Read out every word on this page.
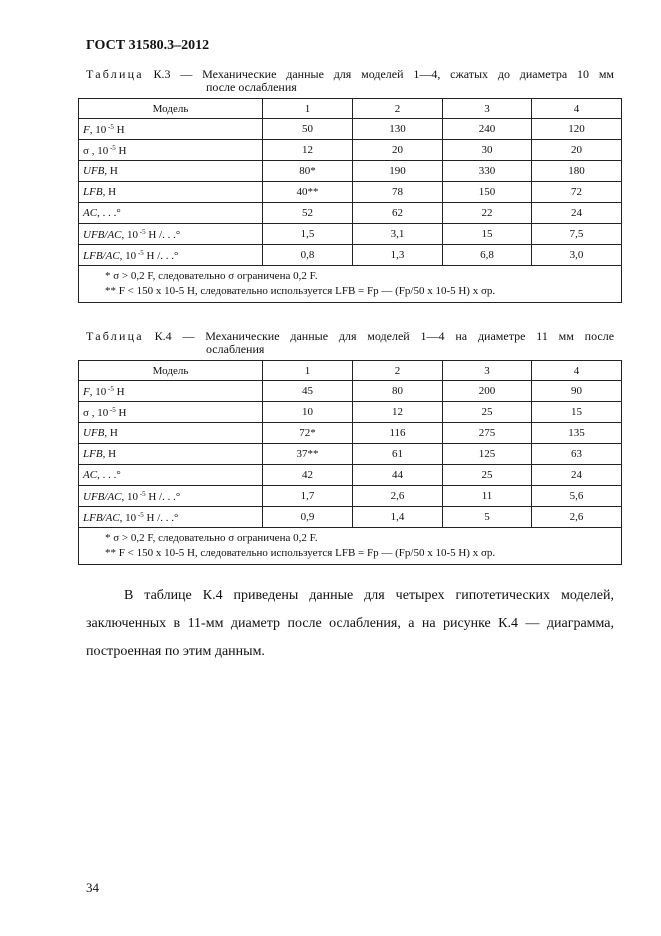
ГОСТ 31580.3–2012
Таблица К.3 — Механические данные для моделей 1—4, сжатых до диаметра 10 мм
после ослабления
Модель	1	2	3	4
F, 10 $^{-5}$ Н	50	130	240	120
σ , 10 $^{-5}$ Н	12	20	30	20
UFB, Н	80*	190	330	180
LFB, Н	40**	78	150	72
AC, . . .°	52	62	22	24
UFB/AC, 10 $^{-5}$ Н /. . .°	1,5	3,1	15	7,5
LFB/AC, 10 $^{-5}$ Н /. . .°	0,8	1,3	6,8	3,0

* σ > 0,2 F, следовательно σ ограничена 0,2 F.
** F < 150 x 10-5 Н, следовательно используется LFB = Fp — (Fp/50 x 10-5 Н) x σp.				
Таблица К.4 — Механические данные для моделей 1—4 на диаметре 11 мм после
ослабления
Модель	1	2	3	4
F, 10 $^{-5}$ Н	45	80	200	90
σ , 10 $^{-5}$ Н	10	12	25	15
UFB, Н	72*	116	275	135
LFB, Н	37**	61	125	63
AC, . . .°	42	44	25	24
UFB/AC, 10 $^{-5}$ Н /. . .°	1,7	2,6	11	5,6
LFB/AC, 10 $^{-5}$ Н /. . .°	0,9	1,4	5	2,6

* σ > 0,2 F, следовательно σ ограничена 0,2 F.
** F < 150 x 10-5 Н, следовательно используется LFB = Fp — (Fp/50 x 10-5 Н) x σp.				
В таблице К.4 приведены данные для четырех гипотетических моделей, заключенных в 11-мм диаметр после ослабления, а на рисунке К.4 — диаграмма, построенная по этим данным.
34
